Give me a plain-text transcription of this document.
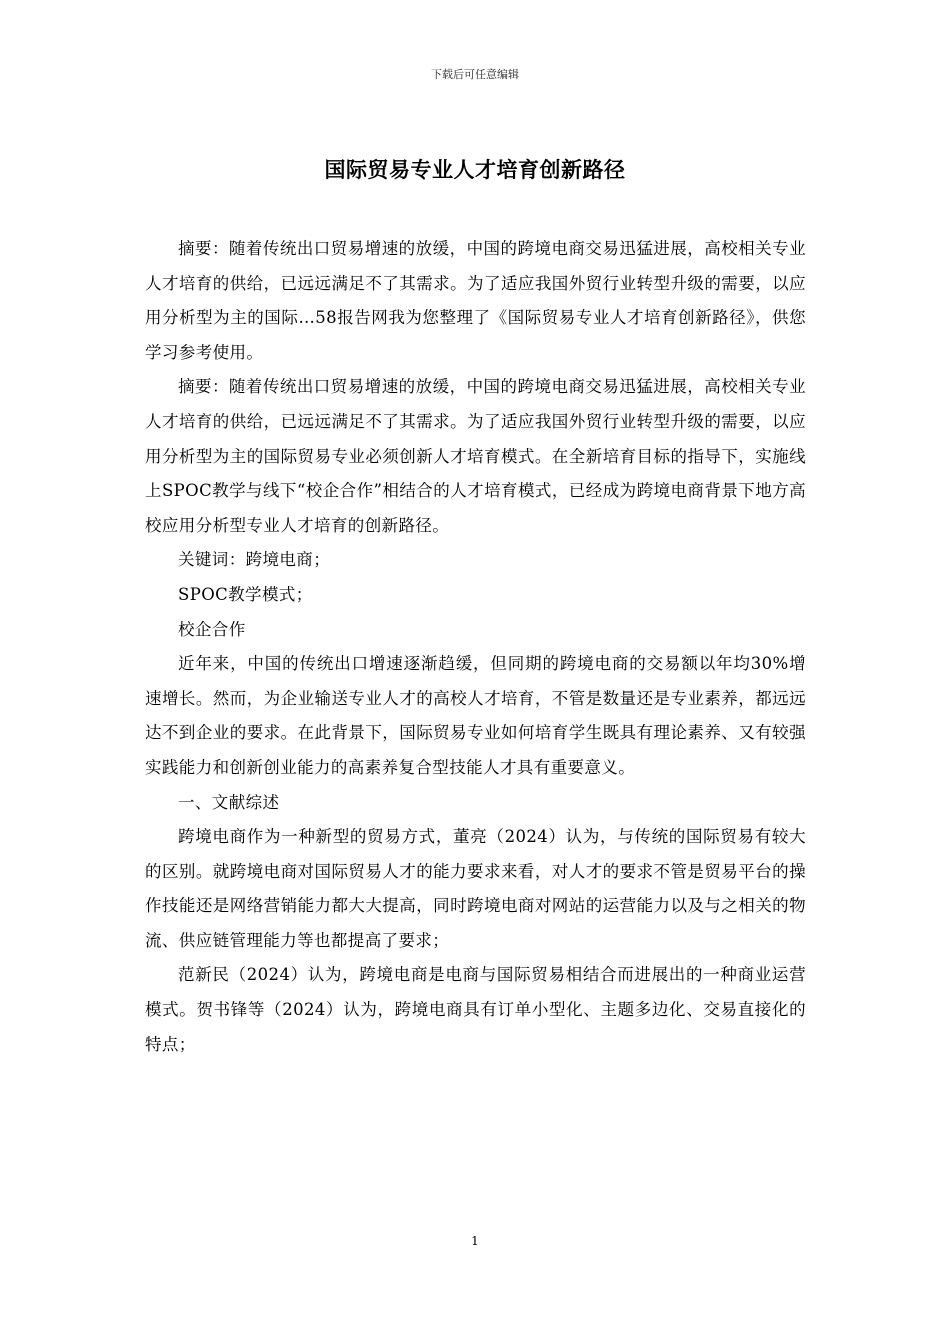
下载后可任意编辑
国际贸易专业人才培育创新路径

摘要：随着传统出口贸易增速的放缓，中国的跨境电商交易迅猛进展，高校相关专业人才培育的供给，已远远满足不了其需求。为了适应我国外贸行业转型升级的需要，以应用分析型为主的国际…58报告网我为您整理了《国际贸易专业人才培育创新路径》，供您学习参考使用。

摘要：随着传统出口贸易增速的放缓，中国的跨境电商交易迅猛进展，高校相关专业人才培育的供给，已远远满足不了其需求。为了适应我国外贸行业转型升级的需要，以应用分析型为主的国际贸易专业必须创新人才培育模式。在全新培育目标的指导下，实施线上SPOC教学与线下“校企合作”相结合的人才培育模式，已经成为跨境电商背景下地方高校应用分析型专业人才培育的创新路径。

关键词：跨境电商；

SPOC教学模式；

校企合作

近年来，中国的传统出口增速逐渐趋缓，但同期的跨境电商的交易额以年均30%增速增长。然而，为企业输送专业人才的高校人才培育，不管是数量还是专业素养，都远远达不到企业的要求。在此背景下，国际贸易专业如何培育学生既具有理论素养、又有较强实践能力和创新创业能力的高素养复合型技能人才具有重要意义。

一、文献综述

跨境电商作为一种新型的贸易方式，董亮（2024）认为，与传统的国际贸易有较大的区别。就跨境电商对国际贸易人才的能力要求来看，对人才的要求不管是贸易平台的操作技能还是网络营销能力都大大提高，同时跨境电商对网站的运营能力以及与之相关的物流、供应链管理能力等也都提高了要求；

范新民（2024）认为，跨境电商是电商与国际贸易相结合而进展出的一种商业运营模式。贺书锋等（2024）认为，跨境电商具有订单小型化、主题多边化、交易直接化的特点；

1
